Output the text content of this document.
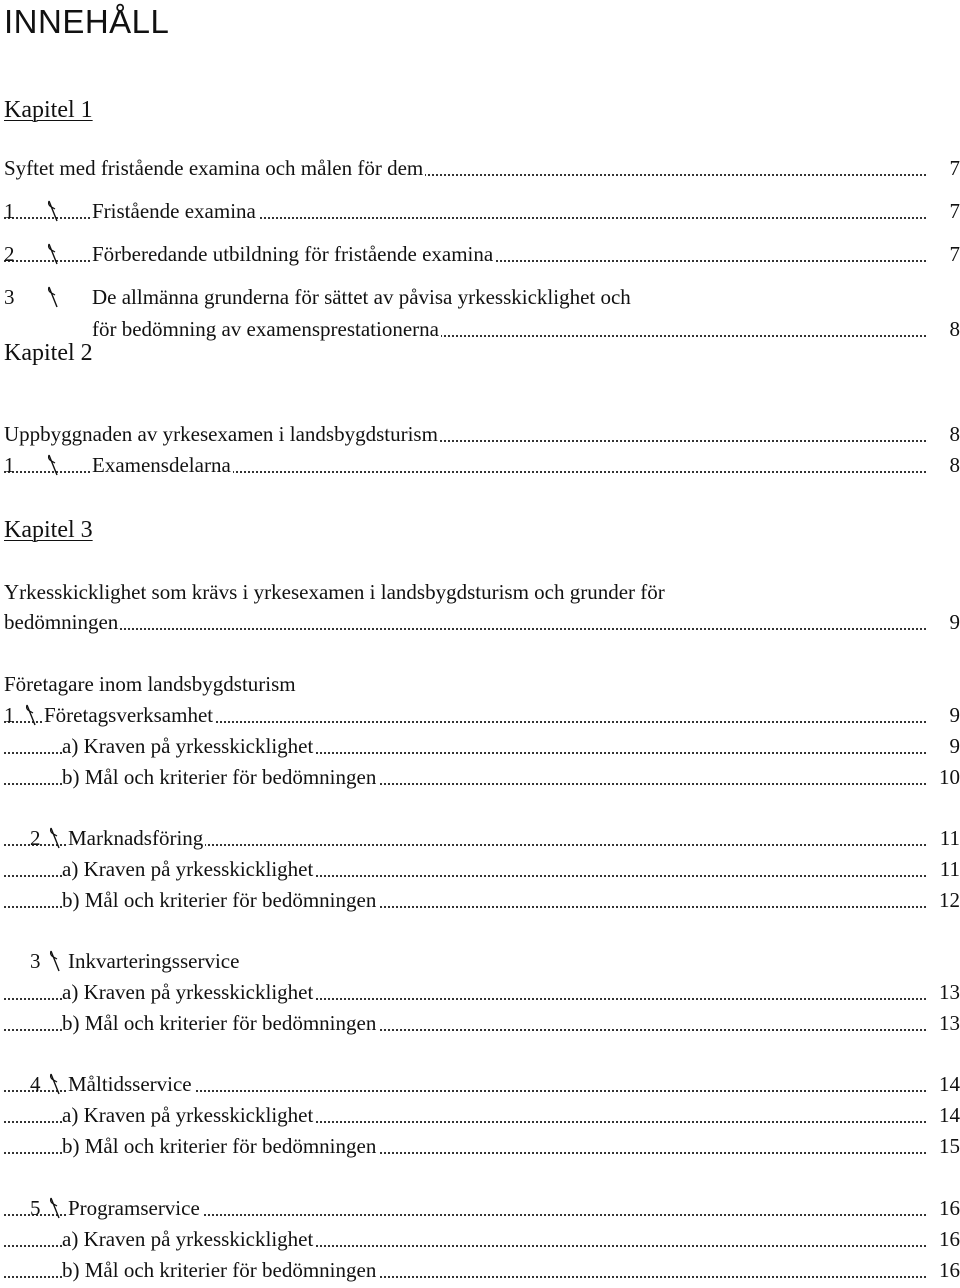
INNEHÅLL
Kapitel 1
Syftet med fristående examina och målen för dem	7
1	Fristående examina	7
2	Förberedande utbildning för fristående examina	7
3	De allmänna grunderna för sättet av påvisa yrkesskicklighet och
för bedömning av examensprestationerna	8
Kapitel 2
Uppbyggnaden av yrkesexamen i landsbygdsturism	8
1	Examensdelarna	8
Kapitel 3
Yrkesskicklighet som krävs i yrkesexamen i landsbygdsturism och grunder för
bedömningen	9
Företagare inom landsbygdsturism
1 Företagsverksamhet	9
a) Kraven på yrkesskicklighet	9
b) Mål och kriterier för bedömningen	10
2 Marknadsföring	11
a) Kraven på yrkesskicklighet	11
b) Mål och kriterier för bedömningen	12
3 Inkvarteringsservice
a) Kraven på yrkesskicklighet	13
b) Mål och kriterier för bedömningen	13
4 Måltidsservice	14
a) Kraven på yrkesskicklighet	14
b) Mål och kriterier för bedömningen	15
5 Programservice	16
a) Kraven på yrkesskicklighet	16
b) Mål och kriterier för bedömningen	16
